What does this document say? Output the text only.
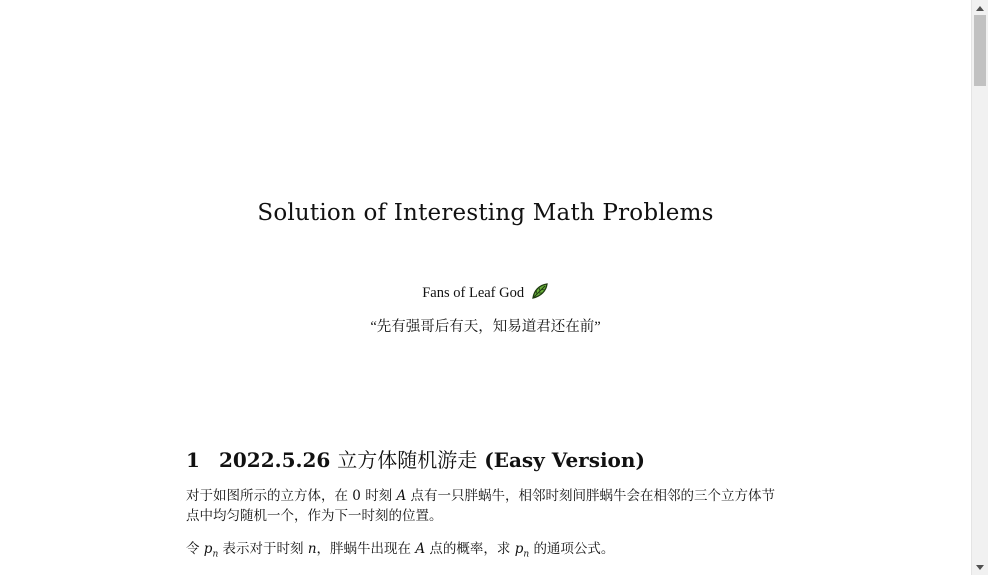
Solution of Interesting Math Problems
Fans of Leaf God
“先有强哥后有天，知易道君还在前”
1 2022.5.26 立方体随机游走 (Easy Version)
对于如图所示的立方体，在 0 时刻 A 点有一只胖蜗牛，相邻时刻间胖蜗牛会在相邻的三个立方体节点中均匀随机一个，作为下一时刻的位置。
令 $p_n$ 表示对于时刻 n，胖蜗牛出现在 A 点的概率，求 $p_n$ 的通项公式。
